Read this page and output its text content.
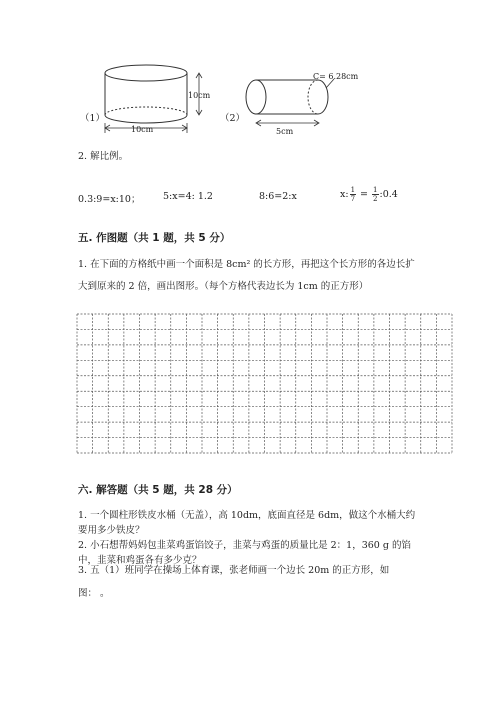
（1）
10cm
10cm
（2）
C= 6.28cm
5cm
2. 解比例。
0.3:9=x:10； 5:x=4: 1.2	8:6=2:x	x: $\frac{1}{7} = \frac{1}{2}$ :0.4
五. 作图题（共 1 题，共 5 分）
1. 在下面的方格纸中画一个面积是 8cm² 的长方形，再把这个长方形的各边长扩
大到原来的 2 倍，画出图形。（每个方格代表边长为 1cm 的正方形）
六. 解答题（共 5 题，共 28 分）
1. 一个圆柱形铁皮水桶（无盖），高 10dm，底面直径是 6dm，做这个水桶大约
要用多少铁皮？
2. 小石想帮妈妈包韭菜鸡蛋馅饺子，韭菜与鸡蛋的质量比是 2：1，360 g 的馅
中，韭菜和鸡蛋各有多少克？
3. 五（1）班同学在操场上体育课，张老师画一个边长 20m 的正方形，如
图： 。
